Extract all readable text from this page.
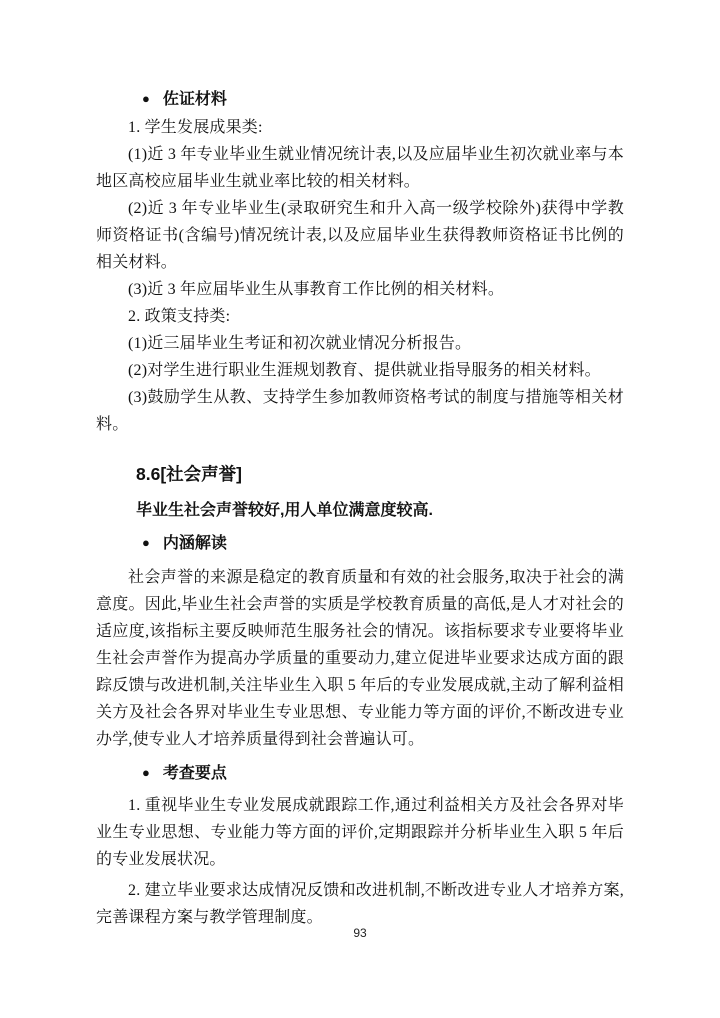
● 佐证材料

1. 学生发展成果类:

(1)近 3 年专业毕业生就业情况统计表,以及应届毕业生初次就业率与本地区高校应届毕业生就业率比较的相关材料。

(2)近 3 年专业毕业生(录取研究生和升入高一级学校除外)获得中学教师资格证书(含编号)情况统计表,以及应届毕业生获得教师资格证书比例的相关材料。

(3)近 3 年应届毕业生从事教育工作比例的相关材料。

2. 政策支持类:

(1)近三届毕业生考证和初次就业情况分析报告。

(2)对学生进行职业生涯规划教育、提供就业指导服务的相关材料。

(3)鼓励学生从教、支持学生参加教师资格考试的制度与措施等相关材料。

8.6[社会声誉]

毕业生社会声誉较好,用人单位满意度较高.

● 内涵解读

社会声誉的来源是稳定的教育质量和有效的社会服务,取决于社会的满意度。因此,毕业生社会声誉的实质是学校教育质量的高低,是人才对社会的适应度,该指标主要反映师范生服务社会的情况。该指标要求专业要将毕业生社会声誉作为提高办学质量的重要动力,建立促进毕业要求达成方面的跟踪反馈与改进机制,关注毕业生入职 5 年后的专业发展成就,主动了解利益相关方及社会各界对毕业生专业思想、专业能力等方面的评价,不断改进专业办学,使专业人才培养质量得到社会普遍认可。

● 考查要点

1. 重视毕业生专业发展成就跟踪工作,通过利益相关方及社会各界对毕业生专业思想、专业能力等方面的评价,定期跟踪并分析毕业生入职 5 年后的专业发展状况。

2. 建立毕业要求达成情况反馈和改进机制,不断改进专业人才培养方案,完善课程方案与教学管理制度。

93
